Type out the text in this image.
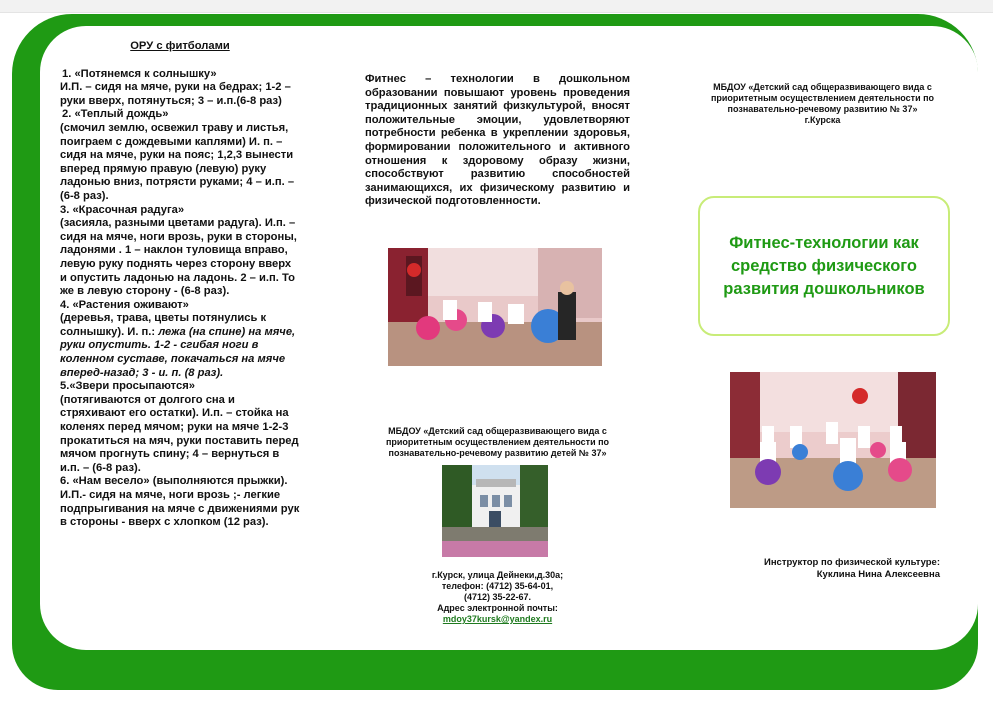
ОРУ с фитболами

1. «Потянемся к солнышку»
И.П. – сидя на мяче, руки на бедрах; 1-2 – руки вверх, потянуться; 3 – и.п.(6-8 раз)

2. «Теплый дождь»
(смочил землю, освежил траву и листья, поиграем с дождевыми каплями) И. п. – сидя на мяче, руки на пояс; 1,2,3 вынести вперед прямую правую (левую) руку ладонью вниз, потрясти руками; 4 – и.п. – (6-8 раз).

3. «Красочная радуга»
(засияла, разными цветами радуга). И.п. – сидя на мяче, ноги врозь, руки в стороны, ладонями . 1 – наклон туловища вправо, левую руку поднять через сторону вверх и опустить ладонью на ладонь. 2 – и.п. То же в левую сторону - (6-8 раз).

4. «Растения оживают»
(деревья, трава, цветы потянулись к солнышку). И. п.: лежа (на спине) на мяче, руки опустить. 1-2 - сгибая ноги в коленном суставе, покачаться на мяче вперед-назад; 3 - и. п. (8 раз).

5.«Звери просыпаются»
(потягиваются от долгого сна и стряхивают его остатки). И.п. – стойка на коленях перед мячом; руки на мяче 1-2-3 прокатиться на мяч, руки поставить перед мячом прогнуть спину; 4 – вернуться в и.п. – (6-8 раз).

6. «Нам весело» (выполняются прыжки). И.П.- сидя на мяче, ноги врозь ;- легкие подпрыгивания на мяче с движениями рук в стороны - вверх с хлопком (12 раз).

Фитнес – технологии в дошкольном образовании повышают уровень проведения традиционных занятий физкультурой, вносят положительные эмоции, удовлетворяют потребности ребенка в укреплении здоровья, формировании положительного и активного отношения к здоровому образу жизни, способствуют развитию способностей занимающихся, их физическому развитию и физической подготовленности.
МБДОУ «Детский сад общеразвивающего вида с приоритетным осуществлением деятельности по познавательно-речевому развитию детей № 37»
г.Курск, улица Дейнеки,д.30а;
телефон: (4712) 35-64-01,
(4712) 35-22-67.
Адрес электронной почты:
mdoy37kursk@yandex.ru
МБДОУ «Детский сад общеразвивающего вида с приоритетным осуществлением деятельности по познавательно-речевому развитию № 37» г.Курска
Фитнес-технологии как средство физического развития дошкольников
Инструктор по физической культуре:
Куклина Нина Алексеевна
